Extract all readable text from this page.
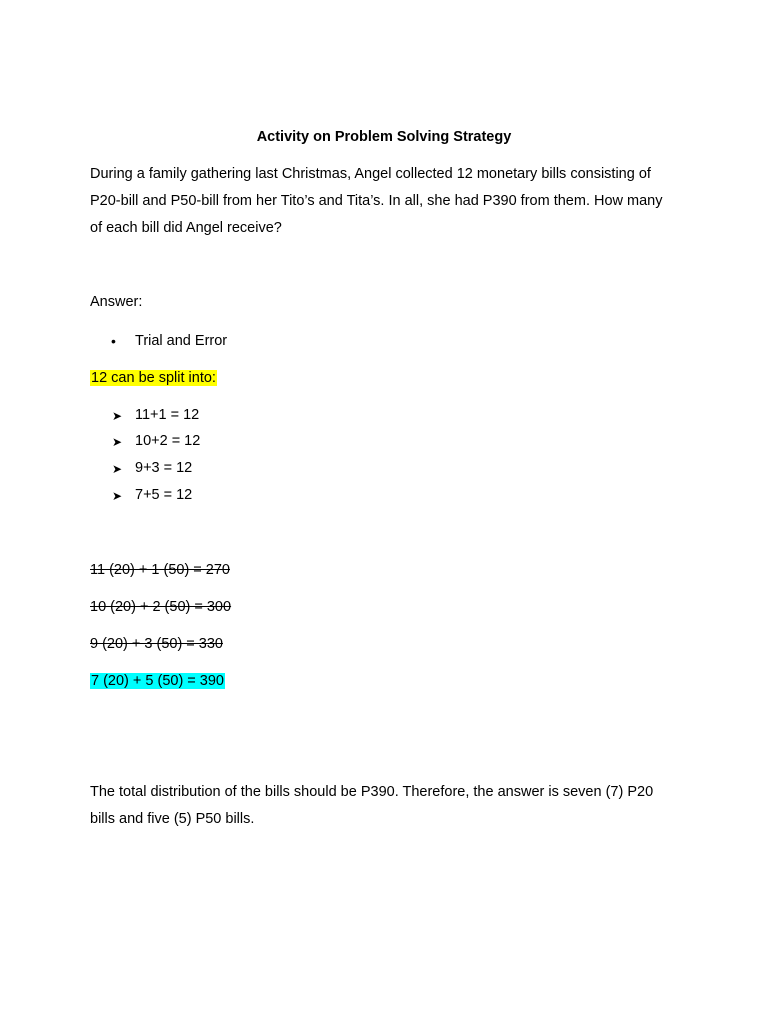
Activity on Problem Solving Strategy
During a family gathering last Christmas, Angel collected 12 monetary bills consisting of
P20-bill and P50-bill from her Tito’s and Tita’s. In all, she had P390 from them. How many
of each bill did Angel receive?
Answer:
• Trial and Error
12 can be split into:
➤ 11+1 = 12
➤ 10+2 = 12
➤ 9+3 = 12
➤ 7+5 = 12
11 (20) + 1 (50) = 270
10 (20) + 2 (50) = 300
9 (20) + 3 (50) = 330
7 (20) + 5 (50) = 390
The total distribution of the bills should be P390. Therefore, the answer is seven (7) P20
bills and five (5) P50 bills.
